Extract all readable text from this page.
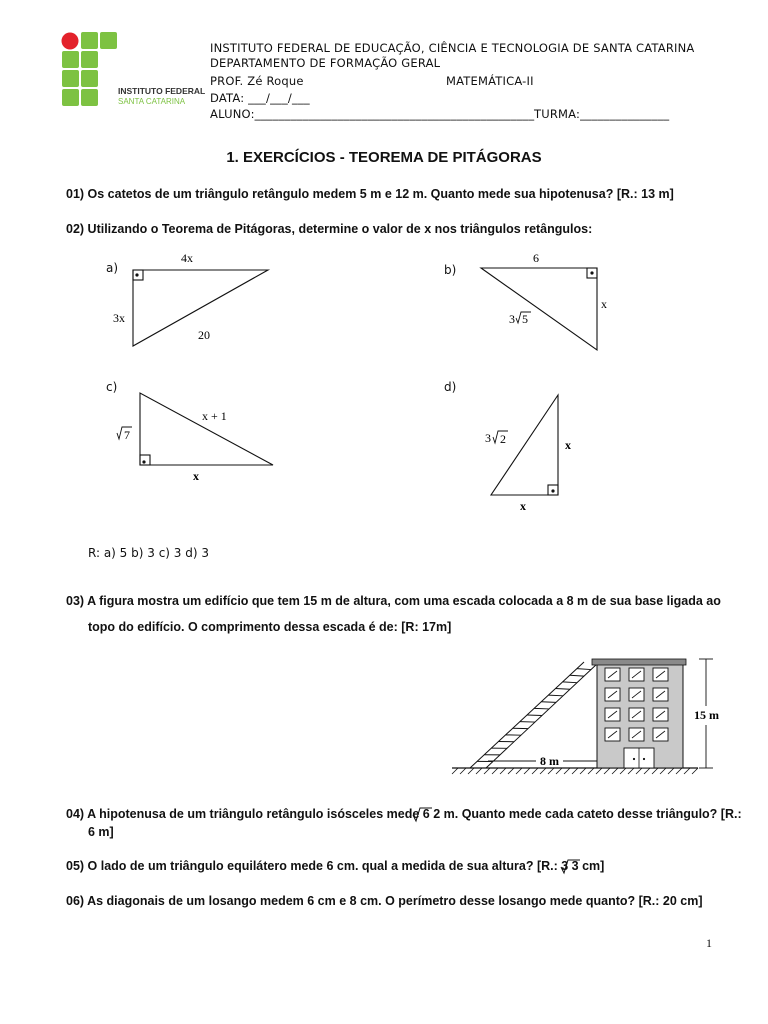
INSTITUTO FEDERAL
SANTA CATARINA
INSTITUTO FEDERAL DE EDUCAÇÃO, CIÊNCIA E TECNOLOGIA DE SANTA CATARINA
DEPARTAMENTO DE FORMAÇÃO GERAL
PROF. Zé Roque	MATEMÁTICA-II
DATA: ___/___/___
ALUNO:_______________________________________________ TURMA:_______________
1. EXERCÍCIOS - TEOREMA DE PITÁGORAS
01) Os catetos de um triângulo retângulo medem 5 m e 12 m. Quanto mede sua hipotenusa? [R.: 13 m]
02) Utilizando o Teorema de Pitágoras, determine o valor de x nos triângulos retângulos:
a)	b)
c)	d)
4x
3x
20
6
x
3 5
7
x + 1
x
3 2	x
x
R: a) 5 b) 3 c) 3 d) 3
03) A figura mostra um edifício que tem 15 m de altura, com uma escada colocada a 8 m de sua base ligada ao
topo do edifício. O comprimento dessa escada é de: [R: 17m]
15 m
8 m
04) A hipotenusa de um triângulo retângulo isósceles mede 6 2 m. Quanto mede cada cateto desse triângulo? [R.:
6 m]
05) O lado de um triângulo equilátero mede 6 cm. qual a medida de sua altura? [R.: 3 3 cm]
06) As diagonais de um losango medem 6 cm e 8 cm. O perímetro desse losango mede quanto? [R.: 20 cm]
1
